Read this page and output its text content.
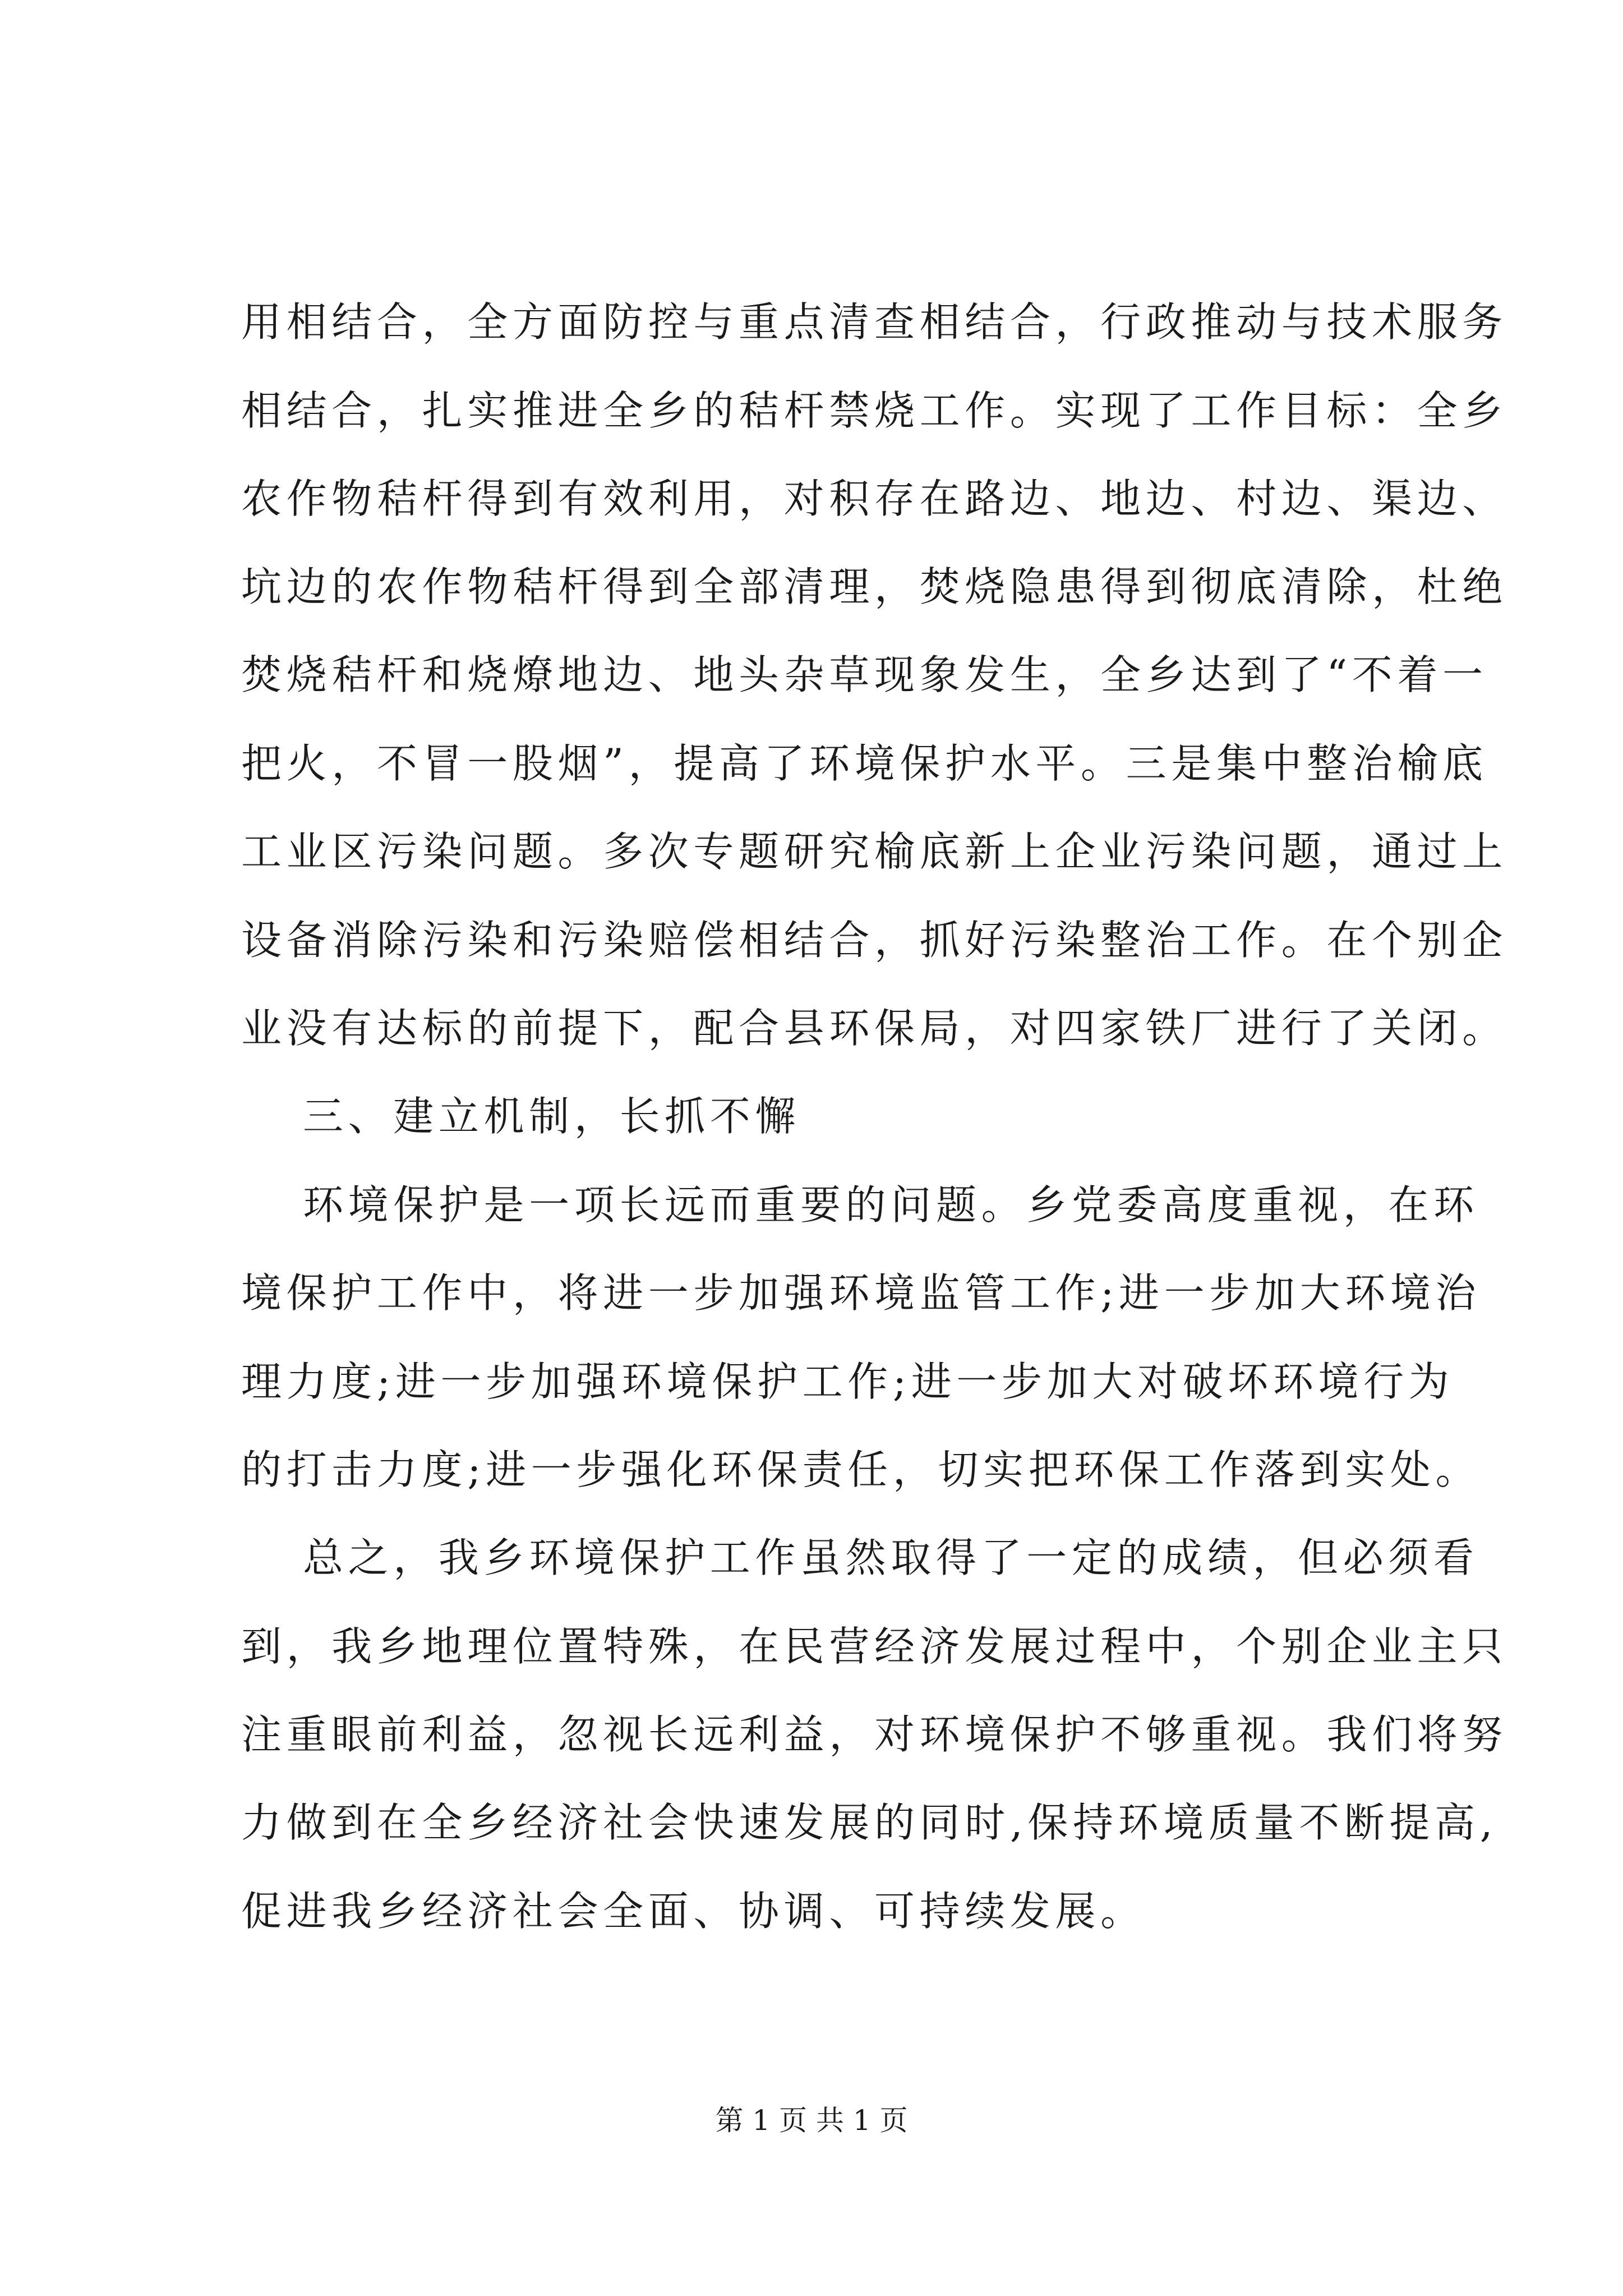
用相结合，全方面防控与重点清查相结合，行政推动与技术服务
相结合，扎实推进全乡的秸杆禁烧工作。实现了工作目标：全乡
农作物秸杆得到有效利用，对积存在路边、地边、村边、渠边、
坑边的农作物秸杆得到全部清理，焚烧隐患得到彻底清除，杜绝
焚烧秸杆和烧燎地边、地头杂草现象发生，全乡达到了“不着一
把火，不冒一股烟”，提高了环境保护水平。三是集中整治榆底
工业区污染问题。多次专题研究榆底新上企业污染问题，通过上
设备消除污染和污染赔偿相结合，抓好污染整治工作。在个别企
业没有达标的前提下，配合县环保局，对四家铁厂进行了关闭。
三、建立机制，长抓不懈
环境保护是一项长远而重要的问题。乡党委高度重视，在环
境保护工作中，将进一步加强环境监管工作;进一步加大环境治
理力度;进一步加强环境保护工作;进一步加大对破坏环境行为
的打击力度;进一步强化环保责任，切实把环保工作落到实处。
总之，我乡环境保护工作虽然取得了一定的成绩，但必须看
到，我乡地理位置特殊，在民营经济发展过程中，个别企业主只
注重眼前利益，忽视长远利益，对环境保护不够重视。我们将努
力做到在全乡经济社会快速发展的同时,保持环境质量不断提高,
促进我乡经济社会全面、协调、可持续发展。
第 1 页 共 1 页
